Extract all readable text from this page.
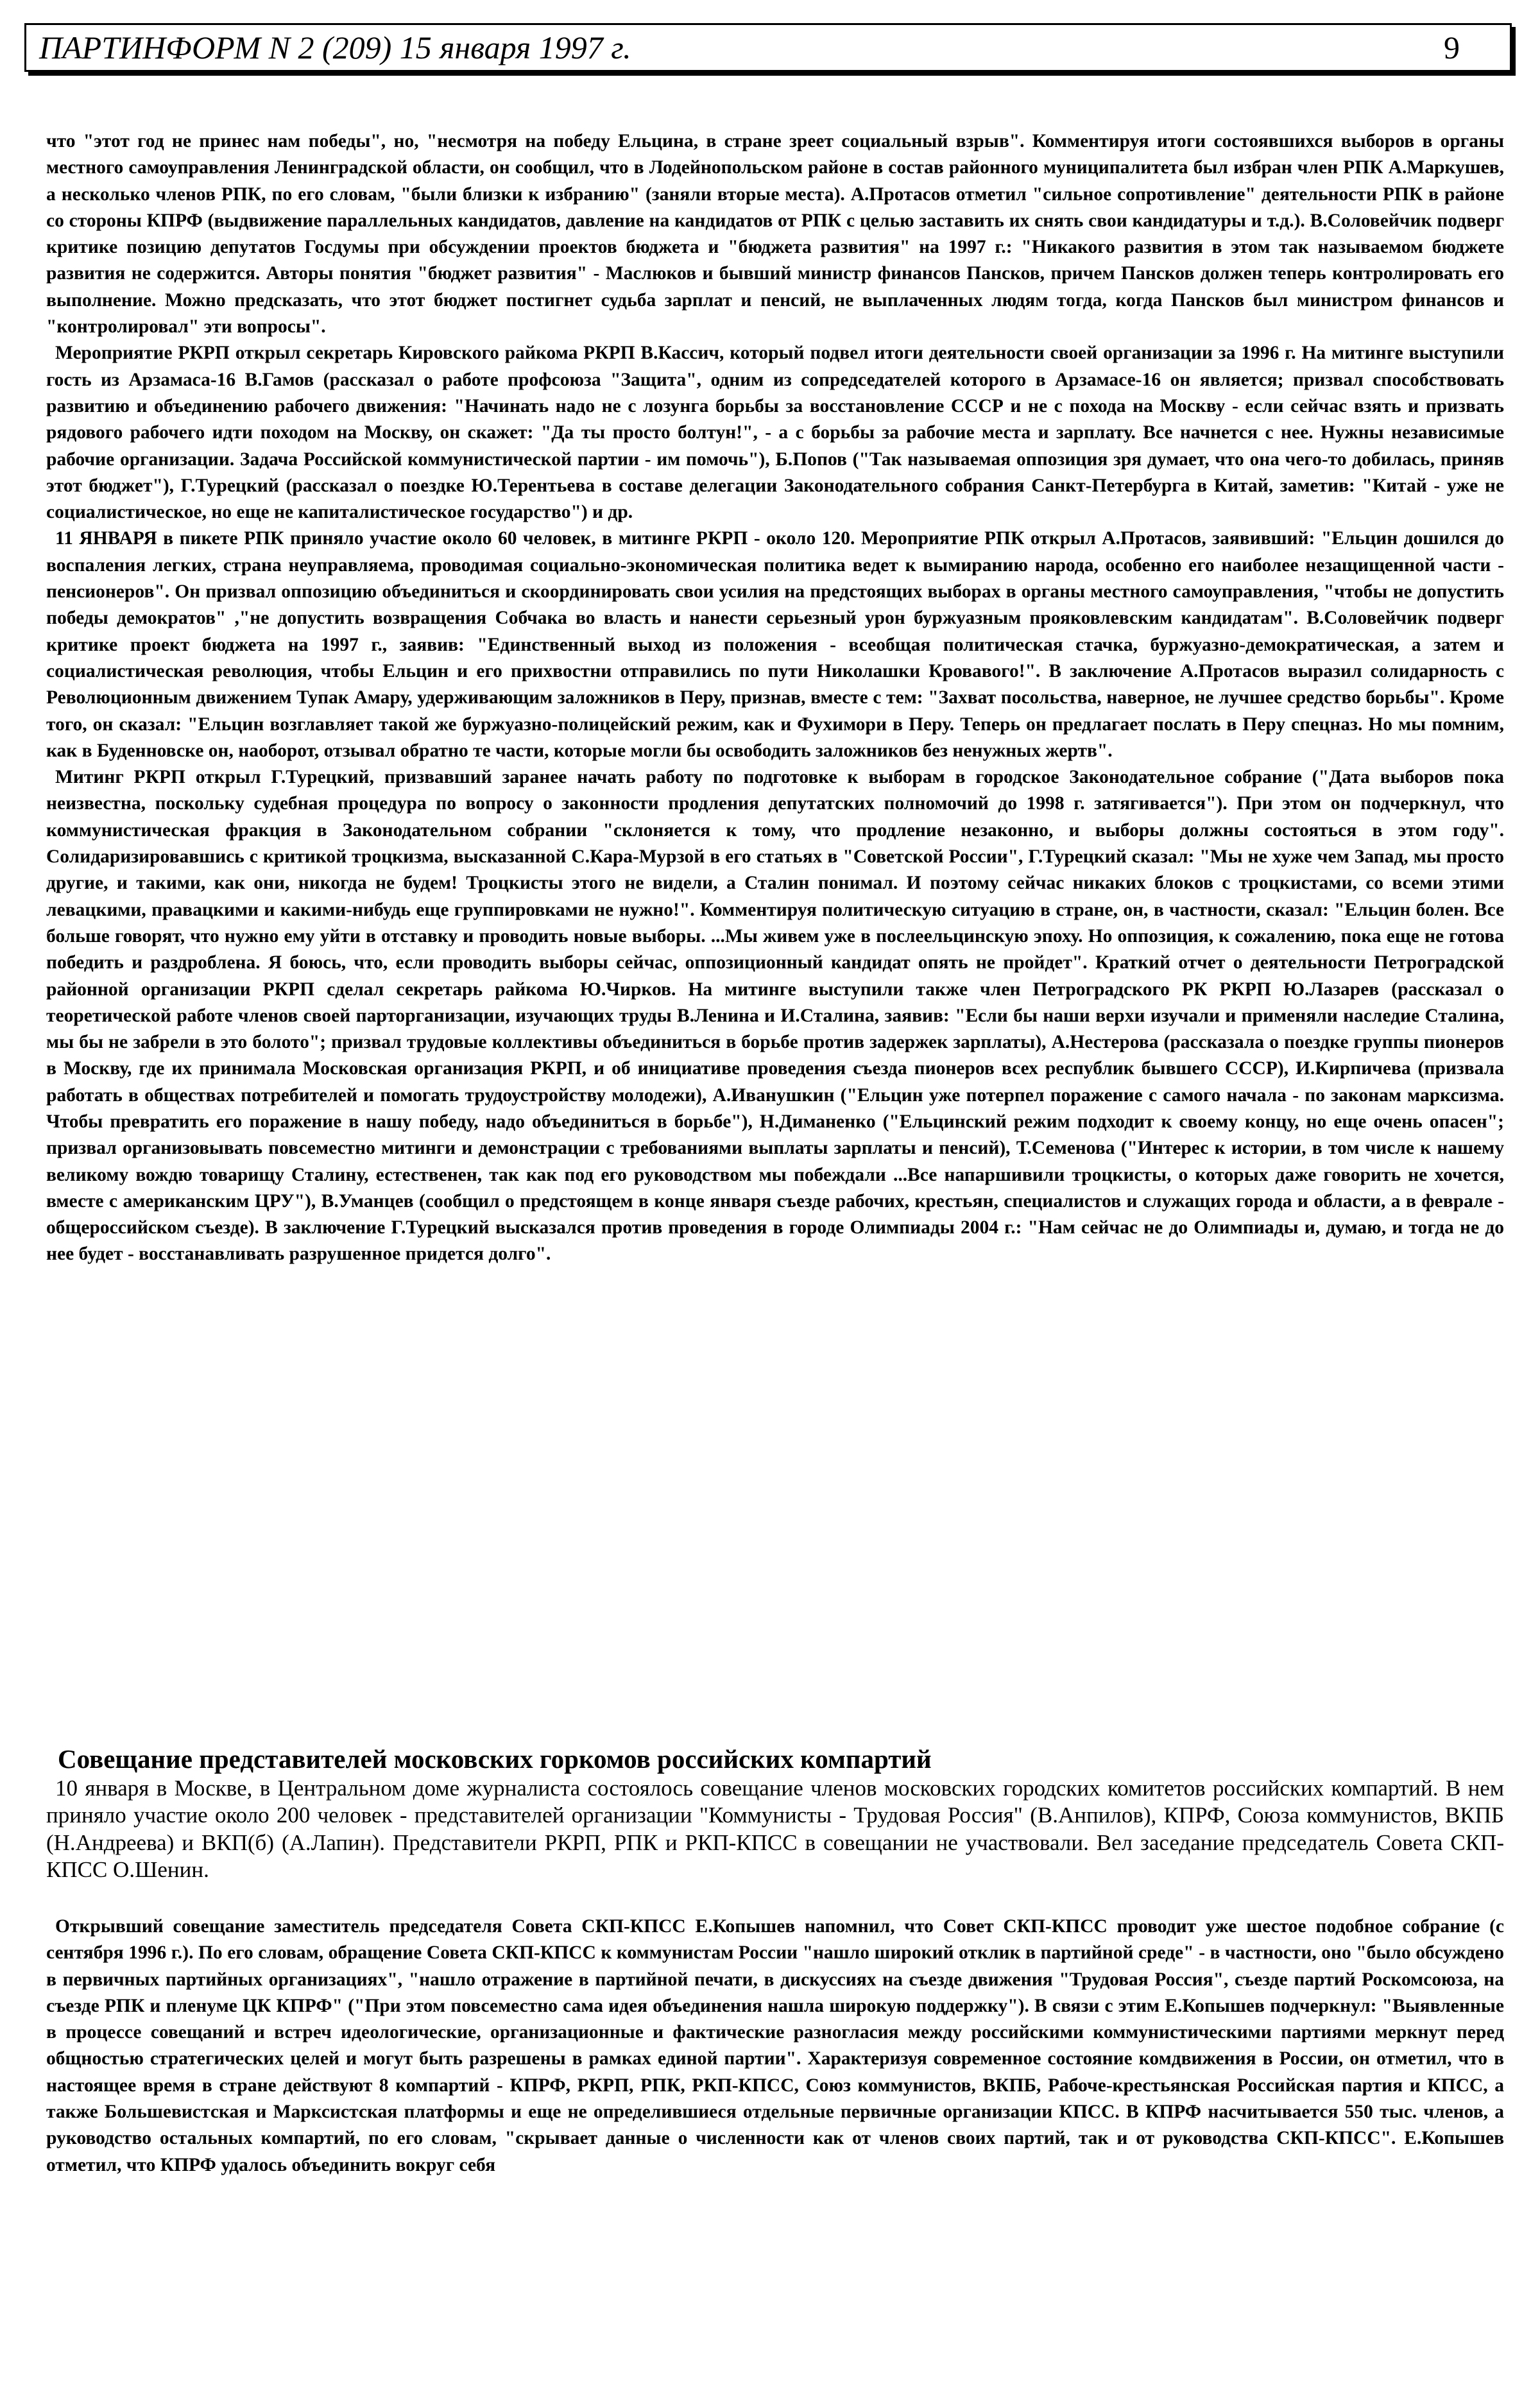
ПАРТИНФОРМ N 2 (209) 15 января 1997 г.	9

что "этот год не принес нам победы", но, "несмотря на победу Ельцина, в стране зреет социальный взрыв". Комментируя итоги состоявшихся выборов в органы местного самоуправления Ленинградской области, он сообщил, что в Лодейнопольском районе в состав районного муниципалитета был избран член РПК А.Маркушев, а несколько членов РПК, по его словам, "были близки к избранию" (заняли вторые места). А.Протасов отметил "сильное сопротивление" деятельности РПК в районе со стороны КПРФ (выдвижение параллельных кандидатов, давление на кандидатов от РПК с целью заставить их снять свои кандидатуры и т.д.). В.Соловейчик подверг критике позицию депутатов Госдумы при обсуждении проектов бюджета и "бюджета развития" на 1997 г.: "Никакого развития в этом так называемом бюджете развития не содержится. Авторы понятия "бюджет развития" - Маслюков и бывший министр финансов Пансков, причем Пансков должен теперь контролировать его выполнение. Можно предсказать, что этот бюджет постигнет судьба зарплат и пенсий, не выплаченных людям тогда, когда Пансков был министром финансов и "контролировал" эти вопросы".

Мероприятие РКРП открыл секретарь Кировского райкома РКРП В.Кассич, который подвел итоги деятельности своей организации за 1996 г. На митинге выступили гость из Арзамаса-16 В.Гамов (рассказал о работе профсоюза "Защита", одним из сопредседателей которого в Арзамасе-16 он является; призвал способствовать развитию и объединению рабочего движения: "Начинать надо не с лозунга борьбы за восстановление СССР и не с похода на Москву - если сейчас взять и призвать рядового рабочего идти походом на Москву, он скажет: "Да ты просто болтун!", - а с борьбы за рабочие места и зарплату. Все начнется с нее. Нужны независимые рабочие организации. Задача Российской коммунистической партии - им помочь"), Б.Попов ("Так называемая оппозиция зря думает, что она чего-то добилась, приняв этот бюджет"), Г.Турецкий (рассказал о поездке Ю.Терентьева в составе делегации Законодательного собрания Санкт-Петербурга в Китай, заметив: "Китай - уже не социалистическое, но еще не капиталистическое государство") и др.

11 ЯНВАРЯ в пикете РПК приняло участие около 60 человек, в митинге РКРП - около 120. Мероприятие РПК открыл А.Протасов, заявивший: "Ельцин дошился до воспаления легких, страна неуправляема, проводимая социально-экономическая политика ведет к вымиранию народа, особенно его наиболее незащищенной части - пенсионеров". Он призвал оппозицию объединиться и скоординировать свои усилия на предстоящих выборах в органы местного самоуправления, "чтобы не допустить победы демократов" ,"не допустить возвращения Собчака во власть и нанести серьезный урон буржуазным прояковлевским кандидатам". В.Соловейчик подверг критике проект бюджета на 1997 г., заявив: "Единственный выход из положения - всеобщая политическая стачка, буржуазно-демократическая, а затем и социалистическая революция, чтобы Ельцин и его прихвостни отправились по пути Николашки Кровавого!". В заключение А.Протасов выразил солидарность с Революционным движением Тупак Амару, удерживающим заложников в Перу, признав, вместе с тем: "Захват посольства, наверное, не лучшее средство борьбы". Кроме того, он сказал: "Ельцин возглавляет такой же буржуазно-полицейский режим, как и Фухимори в Перу. Теперь он предлагает послать в Перу спецназ. Но мы помним, как в Буденновске он, наоборот, отзывал обратно те части, которые могли бы освободить заложников без ненужных жертв".

Митинг РКРП открыл Г.Турецкий, призвавший заранее начать работу по подготовке к выборам в городское Законодательное собрание ("Дата выборов пока неизвестна, поскольку судебная процедура по вопросу о законности продления депутатских полномочий до 1998 г. затягивается"). При этом он подчеркнул, что коммунистическая фракция в Законодательном собрании "склоняется к тому, что продление незаконно, и выборы должны состояться в этом году". Солидаризировавшись с критикой троцкизма, высказанной С.Кара-Мурзой в его статьях в "Советской России", Г.Турецкий сказал: "Мы не хуже чем Запад, мы просто другие, и такими, как они, никогда не будем! Троцкисты этого не видели, а Сталин понимал. И поэтому сейчас никаких блоков с троцкистами, со всеми этими левацкими, правацкими и какими-нибудь еще группировками не нужно!". Комментируя политическую ситуацию в стране, он, в частности, сказал: "Ельцин болен. Все больше говорят, что нужно ему уйти в отставку и проводить новые выборы. ...Мы живем уже в послеельцинскую эпоху. Но оппозиция, к сожалению, пока еще не готова победить и раздроблена. Я боюсь, что, если проводить выборы сейчас, оппозиционный кандидат опять не пройдет". Краткий отчет о деятельности Петроградской районной организации РКРП сделал секретарь райкома Ю.Чирков. На митинге выступили также член Петроградского РК РКРП Ю.Лазарев (рассказал о теоретической работе членов своей парторганизации, изучающих труды В.Ленина и И.Сталина, заявив: "Если бы наши верхи изучали и применяли наследие Сталина, мы бы не забрели в это болото"; призвал трудовые коллективы объединиться в борьбе против задержек зарплаты), А.Нестерова (рассказала о поездке группы пионеров в Москву, где их принимала Московская организация РКРП, и об инициативе проведения съезда пионеров всех республик бывшего СССР), И.Кирпичева (призвала работать в обществах потребителей и помогать трудоустройству молодежи), А.Иванушкин ("Ельцин уже потерпел поражение с самого начала - по законам марксизма. Чтобы превратить его поражение в нашу победу, надо объединиться в борьбе"), Н.Диманенко ("Ельцинский режим подходит к своему концу, но еще очень опасен"; призвал организовывать повсеместно митинги и демонстрации с требованиями выплаты зарплаты и пенсий), Т.Семенова ("Интерес к истории, в том числе к нашему великому вождю товарищу Сталину, естественен, так как под его руководством мы побеждали ...Все напаршивили троцкисты, о которых даже говорить не хочется, вместе с американским ЦРУ"), В.Уманцев (сообщил о предстоящем в конце января съезде рабочих, крестьян, специалистов и служащих города и области, а в феврале - общероссийском съезде). В заключение Г.Турецкий высказался против проведения в городе Олимпиады 2004 г.: "Нам сейчас не до Олимпиады и, думаю, и тогда не до нее будет - восстанавливать разрушенное придется долго".

Совещание представителей московских горкомов российских компартий

10 января в Москве, в Центральном доме журналиста состоялось совещание членов московских городских комитетов российских компартий. В нем приняло участие около 200 человек - представителей организации "Коммунисты - Трудовая Россия" (В.Анпилов), КПРФ, Союза коммунистов, ВКПБ (Н.Андреева) и ВКП(б) (А.Лапин). Представители РКРП, РПК и РКП-КПСС в совещании не участвовали. Вел заседание председатель Совета СКП-КПСС О.Шенин.

Открывший совещание заместитель председателя Совета СКП-КПСС Е.Копышев напомнил, что Совет СКП-КПСС проводит уже шестое подобное собрание (с сентября 1996 г.). По его словам, обращение Совета СКП-КПСС к коммунистам России "нашло широкий отклик в партийной среде" - в частности, оно "было обсуждено в первичных партийных организациях", "нашло отражение в партийной печати, в дискуссиях на съезде движения "Трудовая Россия", съезде партий Роскомсоюза, на съезде РПК и пленуме ЦК КПРФ" ("При этом повсеместно сама идея объединения нашла широкую поддержку"). В связи с этим Е.Копышев подчеркнул: "Выявленные в процессе совещаний и встреч идеологические, организационные и фактические разногласия между российскими коммунистическими партиями меркнут перед общностью стратегических целей и могут быть разрешены в рамках единой партии". Характеризуя современное состояние комдвижения в России, он отметил, что в настоящее время в стране действуют 8 компартий - КПРФ, РКРП, РПК, РКП-КПСС, Союз коммунистов, ВКПБ, Рабоче-крестьянская Российская партия и КПСС, а также Большевистская и Марксистская платформы и еще не определившиеся отдельные первичные организации КПСС. В КПРФ насчитывается 550 тыс. членов, а руководство остальных компартий, по его словам, "скрывает данные о численности как от членов своих партий, так и от руководства СКП-КПСС". Е.Копышев отметил, что КПРФ удалось объединить вокруг себя
